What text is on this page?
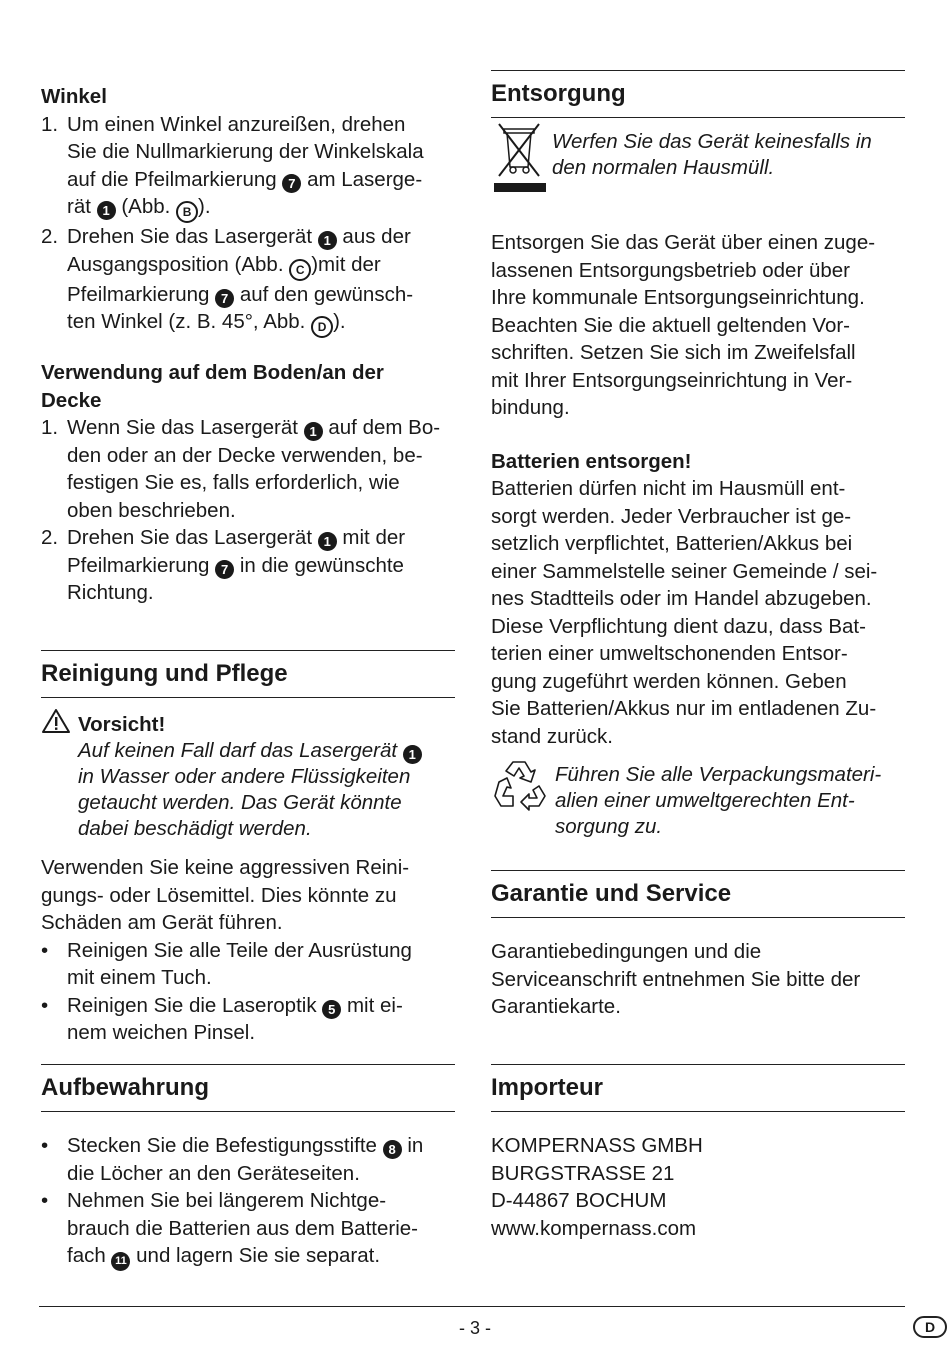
Winkel
1. Um einen Winkel anzureißen, drehen
Sie die Nullmarkierung der Winkelskala
auf die Pfeilmarkierung 7 am Laserge-
rät 1 (Abb. B ).
2. Drehen Sie das Lasergerät 1 aus der
Ausgangsposition (Abb. C )mit der
Pfeilmarkierung 7 auf den gewünsch-
ten Winkel (z. B. 45°, Abb. D ).
Verwendung auf dem Boden/an der
Decke
1. Wenn Sie das Lasergerät 1 auf dem Bo-
den oder an der Decke verwenden, be-
festigen Sie es, falls erforderlich, wie
oben beschrieben.
2. Drehen Sie das Lasergerät 1 mit der
Pfeilmarkierung 7 in die gewünschte
Richtung.
Reinigung und Pflege
Vorsicht!
Auf keinen Fall darf das Lasergerät 1
in Wasser oder andere Flüssigkeiten
getaucht werden. Das Gerät könnte
dabei beschädigt werden.
Verwenden Sie keine aggressiven Reini-
gungs- oder Lösemittel. Dies könnte zu
Schäden am Gerät führen.
• Reinigen Sie alle Teile der Ausrüstung
mit einem Tuch.
• Reinigen Sie die Laseroptik 5 mit ei-
nem weichen Pinsel.
Aufbewahrung
• Stecken Sie die Befestigungsstifte 8 in
die Löcher an den Geräteseiten.
• Nehmen Sie bei längerem Nichtge-
brauch die Batterien aus dem Batterie-
fach 11 und lagern Sie sie separat.
Entsorgung
Werfen Sie das Gerät keinesfalls in
den normalen Hausmüll.
Entsorgen Sie das Gerät über einen zuge-
lassenen Entsorgungsbetrieb oder über
Ihre kommunale Entsorgungseinrichtung.
Beachten Sie die aktuell geltenden Vor-
schriften. Setzen Sie sich im Zweifelsfall
mit Ihrer Entsorgungseinrichtung in Ver-
bindung.
Batterien entsorgen!
Batterien dürfen nicht im Hausmüll ent-
sorgt werden. Jeder Verbraucher ist ge-
setzlich verpflichtet, Batterien/Akkus bei
einer Sammelstelle seiner Gemeinde / sei-
nes Stadtteils oder im Handel abzugeben.
Diese Verpflichtung dient dazu, dass Bat-
terien einer umweltschonenden Entsor-
gung zugeführt werden können. Geben
Sie Batterien/Akkus nur im entladenen Zu-
stand zurück.
Führen Sie alle Verpackungsmateri-
alien einer umweltgerechten Ent-
sorgung zu.
Garantie und Service
Garantiebedingungen und die
Serviceanschrift entnehmen Sie bitte der
Garantiekarte.
Importeur
KOMPERNASS GMBH
BURGSTRASSE 21
D-44867 BOCHUM
www.kompernass.com
- 3 -	D
